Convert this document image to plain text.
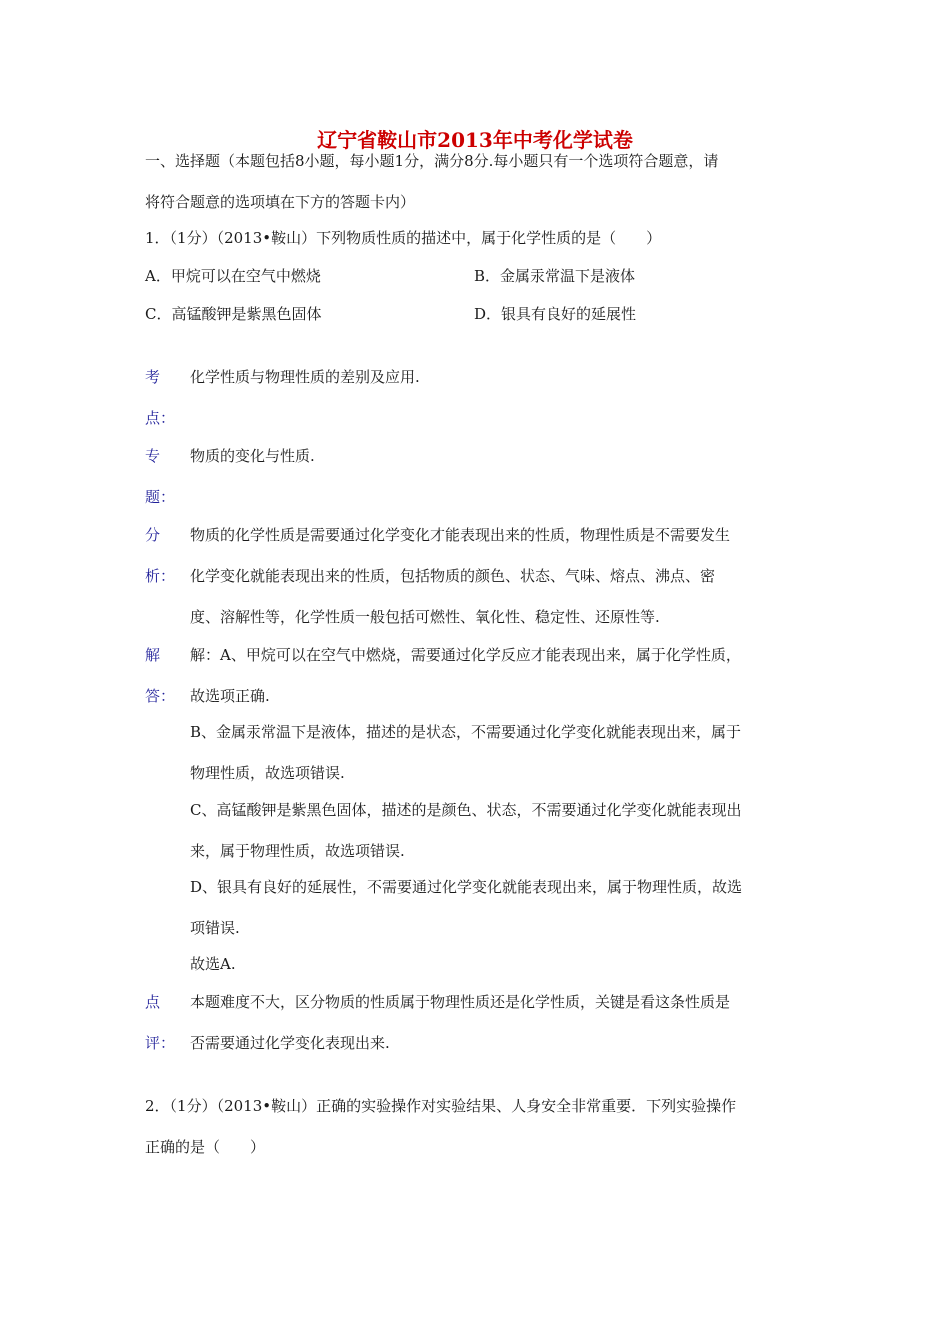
辽宁省鞍山市2013年中考化学试卷
一、选择题（本题包括8小题，每小题1分，满分8分.每小题只有一个选项符合题意，请
将符合题意的选项填在下方的答题卡内）
1．（1分）（2013•鞍山）下列物质性质的描述中，属于化学性质的是（　　）
A．甲烷可以在空气中燃烧	B．金属汞常温下是液体
C．高锰酸钾是紫黑色固体	D．银具有良好的延展性
考
点：
化学性质与物理性质的差别及应用.
专
题：
物质的变化与性质.
分
析：
物质的化学性质是需要通过化学变化才能表现出来的性质，物理性质是不需要发生
化学变化就能表现出来的性质，包括物质的颜色、状态、气味、熔点、沸点、密
度、溶解性等，化学性质一般包括可燃性、氧化性、稳定性、还原性等.
解
答：
解：A、甲烷可以在空气中燃烧，需要通过化学反应才能表现出来，属于化学性质，
故选项正确.
B、金属汞常温下是液体，描述的是状态，不需要通过化学变化就能表现出来，属于
物理性质，故选项错误.
C、高锰酸钾是紫黑色固体，描述的是颜色、状态，不需要通过化学变化就能表现出
来，属于物理性质，故选项错误.
D、银具有良好的延展性，不需要通过化学变化就能表现出来，属于物理性质，故选
项错误.
故选A.
点
评：
本题难度不大，区分物质的性质属于物理性质还是化学性质，关键是看这条性质是
否需要通过化学变化表现出来.
2．（1分）（2013•鞍山）正确的实验操作对实验结果、人身安全非常重要．下列实验操作
正确的是（　　）
